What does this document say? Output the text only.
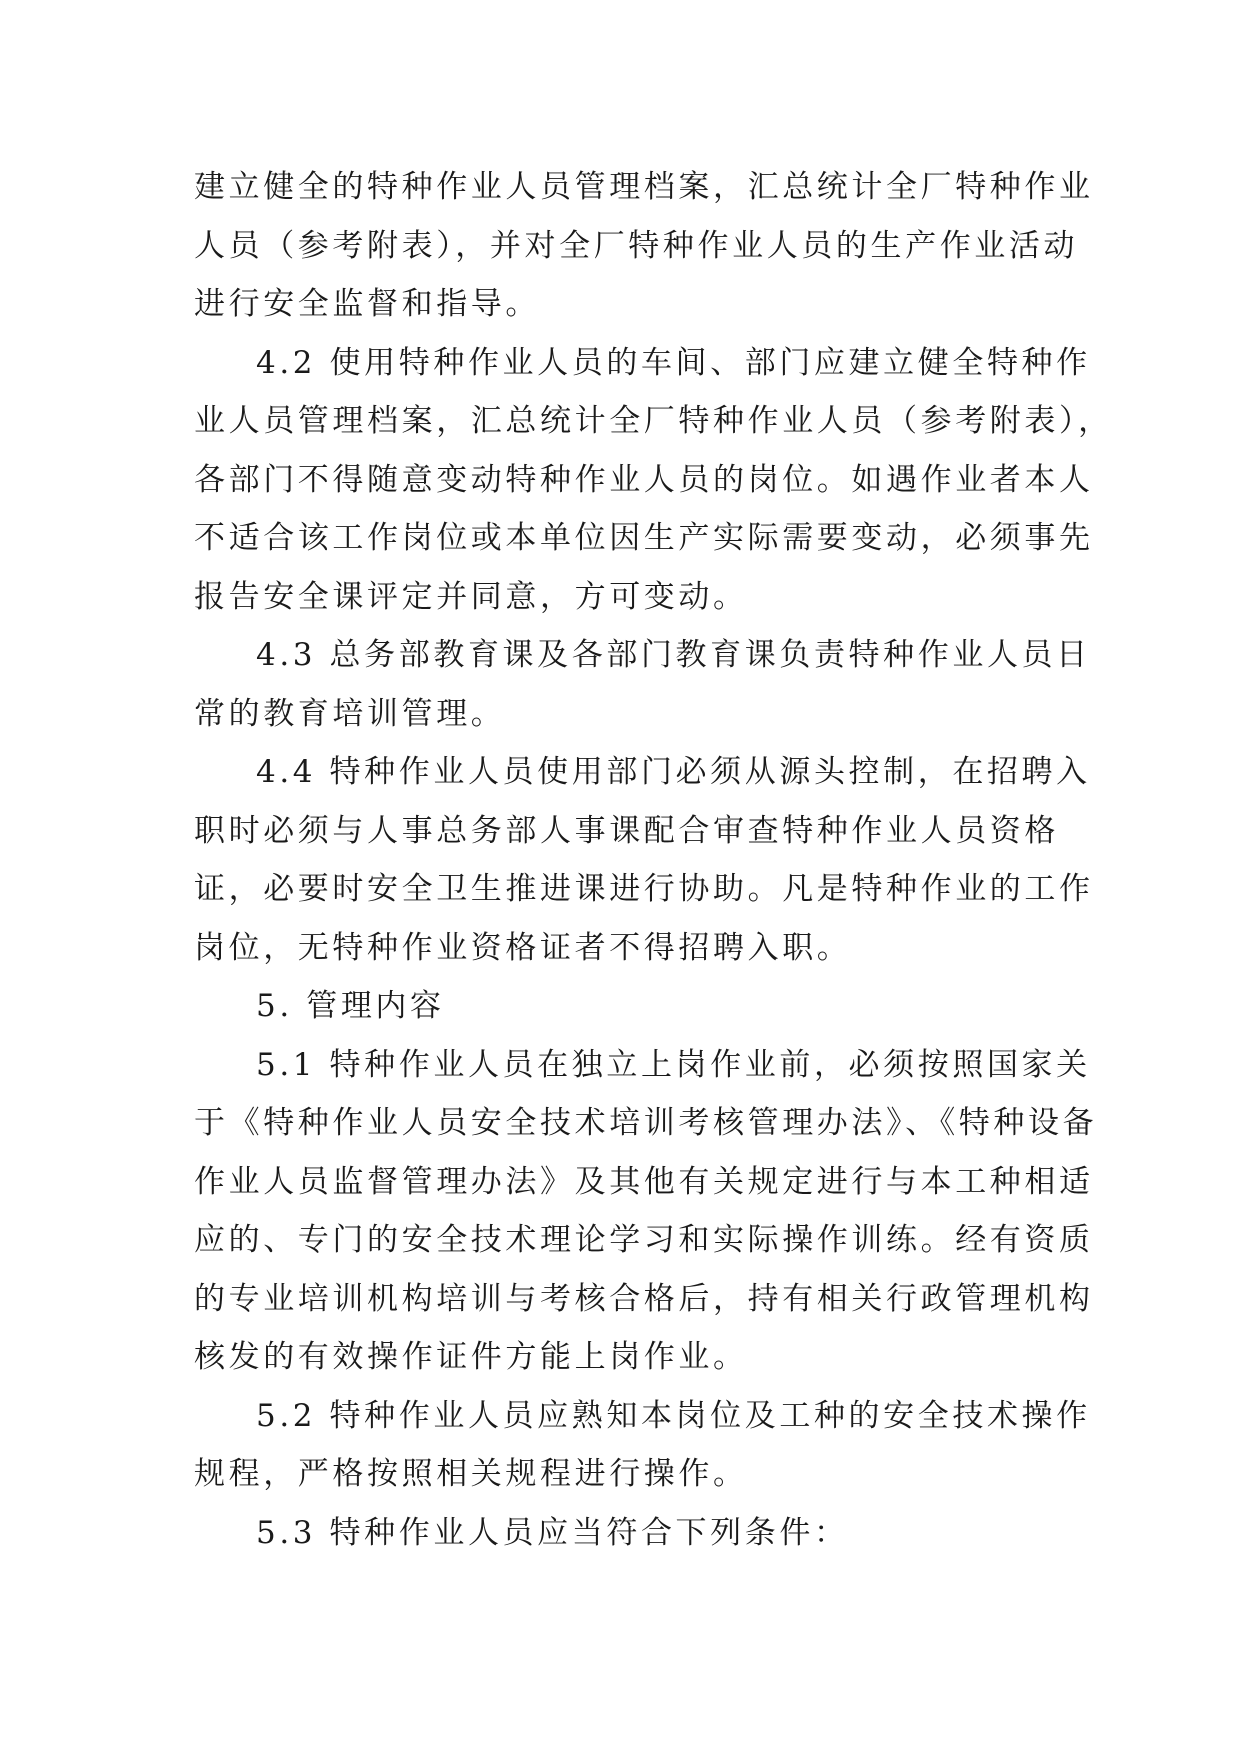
建立健全的特种作业人员管理档案，汇总统计全厂特种作业
人员（参考附表），并对全厂特种作业人员的生产作业活动
进行安全监督和指导。
4.2 使用特种作业人员的车间、部门应建立健全特种作
业人员管理档案，汇总统计全厂特种作业人员（参考附表），
各部门不得随意变动特种作业人员的岗位。如遇作业者本人
不适合该工作岗位或本单位因生产实际需要变动，必须事先
报告安全课评定并同意，方可变动。
4.3 总务部教育课及各部门教育课负责特种作业人员日
常的教育培训管理。
4.4 特种作业人员使用部门必须从源头控制，在招聘入
职时必须与人事总务部人事课配合审查特种作业人员资格
证，必要时安全卫生推进课进行协助。凡是特种作业的工作
岗位，无特种作业资格证者不得招聘入职。
5. 管理内容
5.1 特种作业人员在独立上岗作业前，必须按照国家关
于《特种作业人员安全技术培训考核管理办法》、《特种设备
作业人员监督管理办法》及其他有关规定进行与本工种相适
应的、专门的安全技术理论学习和实际操作训练。经有资质
的专业培训机构培训与考核合格后，持有相关行政管理机构
核发的有效操作证件方能上岗作业。
5.2 特种作业人员应熟知本岗位及工种的安全技术操作
规程，严格按照相关规程进行操作。
5.3 特种作业人员应当符合下列条件：
